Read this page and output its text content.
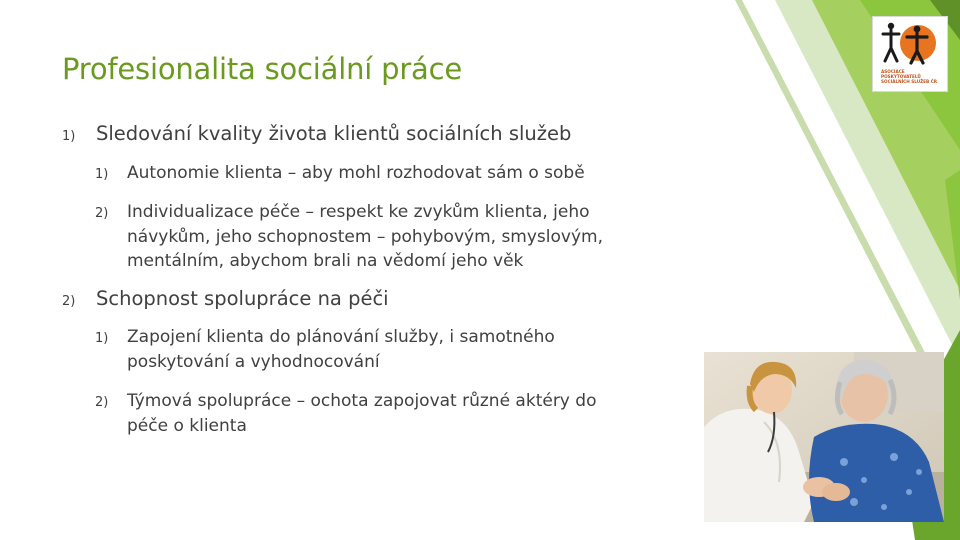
Profesionalita sociální práce
1) Sledování kvality života klientů sociálních služeb
1) Autonomie klienta – aby mohl rozhodovat sám o sobě
2) Individualizace péče – respekt ke zvykům klienta, jeho
návykům, jeho schopnostem – pohybovým, smyslovým,
mentálním, abychom brali na vědomí jeho věk
2) Schopnost spolupráce na péči
1) Zapojení klienta do plánování služby, i samotného
poskytování a vyhodnocování
2) Týmová spolupráce – ochota zapojovat různé aktéry do
péče o klienta
ASOCIACE POSKYTOVATELŮ SOCIÁLNÍCH SLUŽEB ČR
